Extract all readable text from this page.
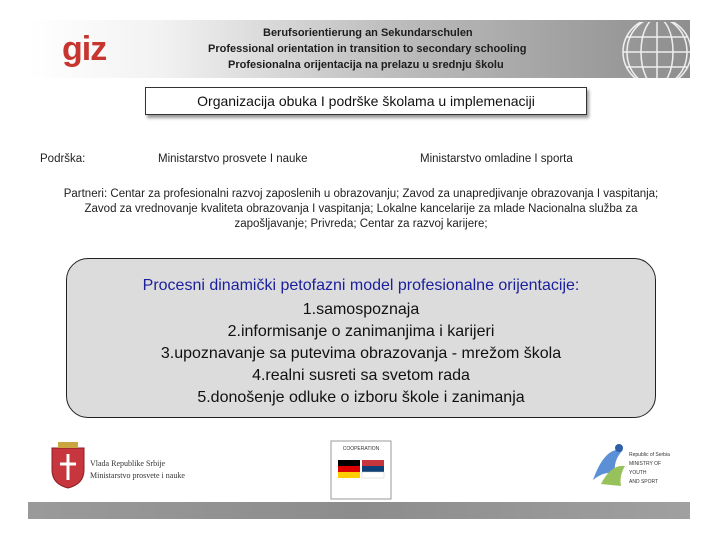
giz	Berufsorientierung an Sekundarschulen
Professional orientation in transition to secondary schooling
Profesionalna orijentacija na prelazu u srednju školu
Organizacija obuka I podrške školama u implemenaciji
Podrška:	Ministarstvo prosvete I nauke	Ministarstvo omladine I sporta
Partneri: Centar za profesionalni razvoj zaposlenih u obrazovanju; Zavod za unapredjivanje obrazovanja I vaspitanja; Zavod za vrednovanje kvaliteta obrazovanja I vaspitanja; Lokalne kancelarije za mlade Nacionalna služba za zapošljavanje; Privreda; Centar za razvoj karijere;
Procesni dinamički petofazni model profesionalne orijentacije:
1.samospoznaja
2.informisanje o zanimanjima i karijeri
3.upoznavanje sa putevima obrazovanja - mrežom škola
4.realni susreti sa svetom rada
5.donošenje odluke o izboru škole i zanimanja
Vlada Republike Srbije
Ministarstvo prosvete i nauke
COOPERATION
Republic of Serbia
MINISTRY OF
YOUTH
AND SPORT
